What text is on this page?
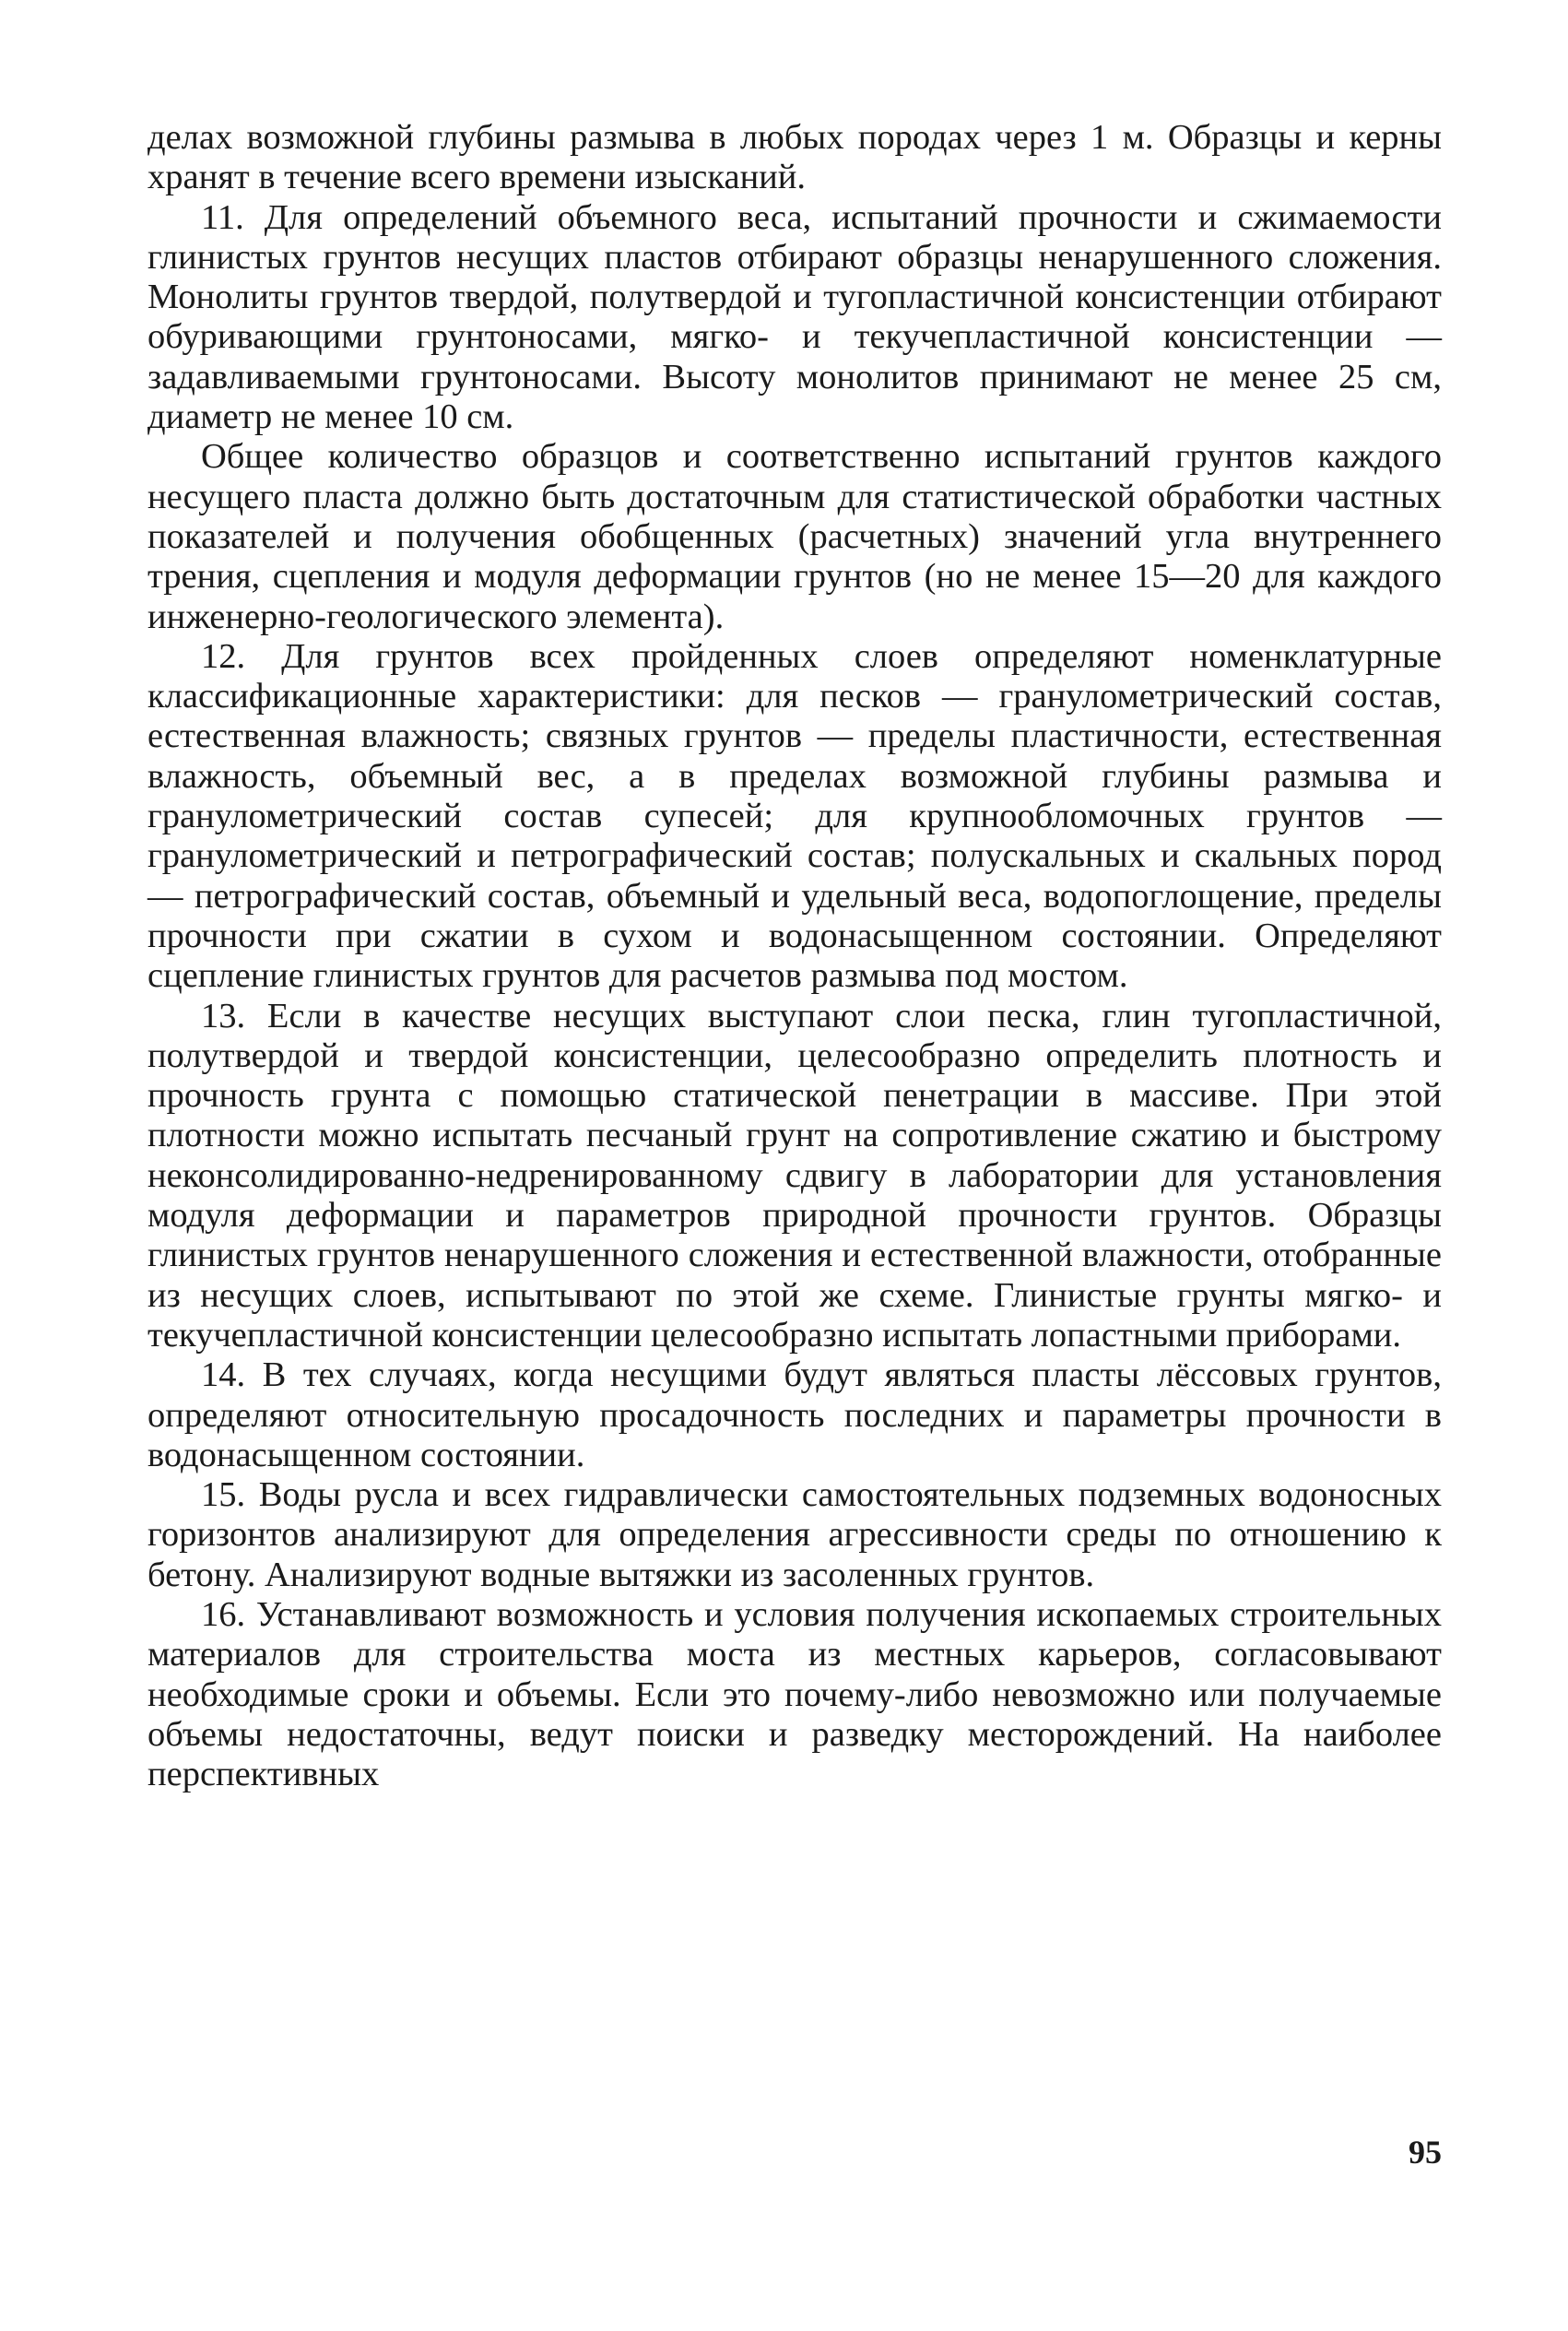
делах возможной глубины размыва в любых породах через 1 м. Образцы и керны хранят в течение всего времени изысканий.

11. Для определений объемного веса, испытаний прочности и сжимаемости глинистых грунтов несущих пластов отбирают образцы ненарушенного сложения. Монолиты грунтов твердой, полутвердой и тугопластичной консистенции отбирают обуривающими грунтоносами, мягко- и текучепластичной консистенции — задавливаемыми грунтоносами. Высоту монолитов принимают не менее 25 см, диаметр не менее 10 см.

Общее количество образцов и соответственно испытаний грунтов каждого несущего пласта должно быть достаточным для статистической обработки частных показателей и получения обобщенных (расчетных) значений угла внутреннего трения, сцепления и модуля деформации грунтов (но не менее 15—20 для каждого инженерно-геологического элемента).

12. Для грунтов всех пройденных слоев определяют номенклатурные классификационные характеристики: для песков — гранулометрический состав, естественная влажность; связных грунтов — пределы пластичности, естественная влажность, объемный вес, а в пределах возможной глубины размыва и гранулометрический состав супесей; для крупнообломочных грунтов — гранулометрический и петрографический состав; полускальных и скальных пород — петрографический состав, объемный и удельный веса, водопоглощение, пределы прочности при сжатии в сухом и водонасыщенном состоянии. Определяют сцепление глинистых грунтов для расчетов размыва под мостом.

13. Если в качестве несущих выступают слои песка, глин тугопластичной, полутвердой и твердой консистенции, целесообразно определить плотность и прочность грунта с помощью статической пенетрации в массиве. При этой плотности можно испытать песчаный грунт на сопротивление сжатию и быстрому неконсолидированно-недренированному сдвигу в лаборатории для установления модуля деформации и параметров природной прочности грунтов. Образцы глинистых грунтов ненарушенного сложения и естественной влажности, отобранные из несущих слоев, испытывают по этой же схеме. Глинистые грунты мягко- и текучепластичной консистенции целесообразно испытать лопастными приборами.

14. В тех случаях, когда несущими будут являться пласты лёссовых грунтов, определяют относительную просадочность последних и параметры прочности в водонасыщенном состоянии.

15. Воды русла и всех гидравлически самостоятельных подземных водоносных горизонтов анализируют для определения агрессивности среды по отношению к бетону. Анализируют водные вытяжки из засоленных грунтов.

16. Устанавливают возможность и условия получения ископаемых строительных материалов для строительства моста из местных карьеров, согласовывают необходимые сроки и объемы. Если это почему-либо невозможно или получаемые объемы недостаточны, ведут поиски и разведку месторождений. На наиболее перспективных

95
